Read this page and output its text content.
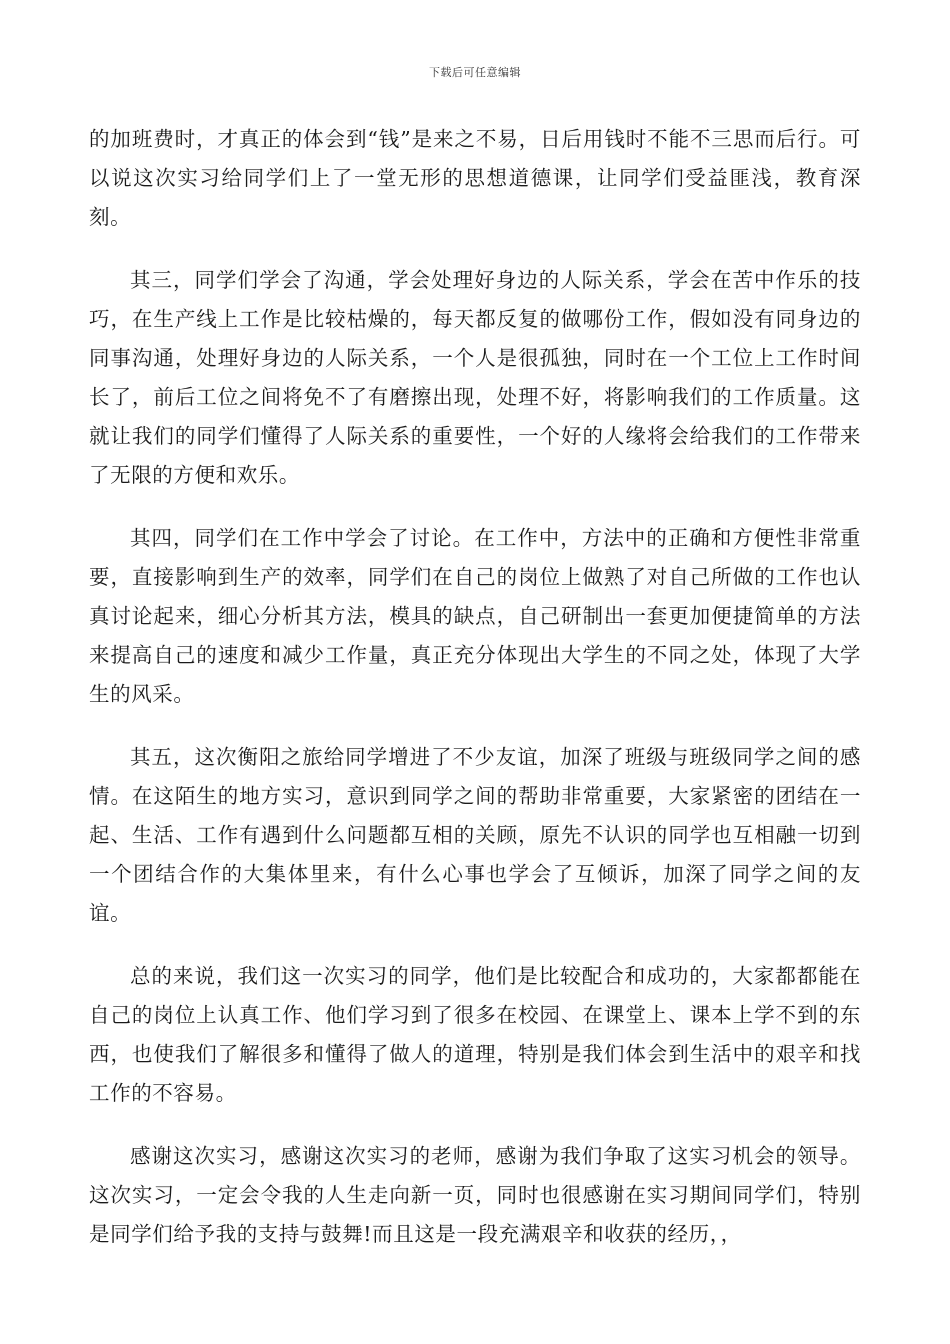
下载后可任意编辑

的加班费时，才真正的体会到“钱”是来之不易，日后用钱时不能不三思而后行。可以说这次实习给同学们上了一堂无形的思想道德课，让同学们受益匪浅，教育深刻。

其三，同学们学会了沟通，学会处理好身边的人际关系，学会在苦中作乐的技巧，在生产线上工作是比较枯燥的，每天都反复的做哪份工作，假如没有同身边的同事沟通，处理好身边的人际关系，一个人是很孤独，同时在一个工位上工作时间长了，前后工位之间将免不了有磨擦出现，处理不好，将影响我们的工作质量。这就让我们的同学们懂得了人际关系的重要性，一个好的人缘将会给我们的工作带来了无限的方便和欢乐。

其四，同学们在工作中学会了讨论。在工作中，方法中的正确和方便性非常重要，直接影响到生产的效率，同学们在自己的岗位上做熟了对自己所做的工作也认真讨论起来，细心分析其方法，模具的缺点，自己研制出一套更加便捷简单的方法来提高自己的速度和减少工作量，真正充分体现出大学生的不同之处，体现了大学生的风采。

其五，这次衡阳之旅给同学增进了不少友谊，加深了班级与班级同学之间的感情。在这陌生的地方实习，意识到同学之间的帮助非常重要，大家紧密的团结在一起、生活、工作有遇到什么问题都互相的关顾，原先不认识的同学也互相融一切到一个团结合作的大集体里来，有什么心事也学会了互倾诉，加深了同学之间的友谊。

总的来说，我们这一次实习的同学，他们是比较配合和成功的，大家都都能在自己的岗位上认真工作、他们学习到了很多在校园、在课堂上、课本上学不到的东西，也使我们了解很多和懂得了做人的道理，特别是我们体会到生活中的艰辛和找工作的不容易。

感谢这次实习，感谢这次实习的老师，感谢为我们争取了这实习机会的领导。这次实习，一定会令我的人生走向新一页，同时也很感谢在实习期间同学们，特别是同学们给予我的支持与鼓舞!而且这是一段充满艰辛和收获的经历，，
